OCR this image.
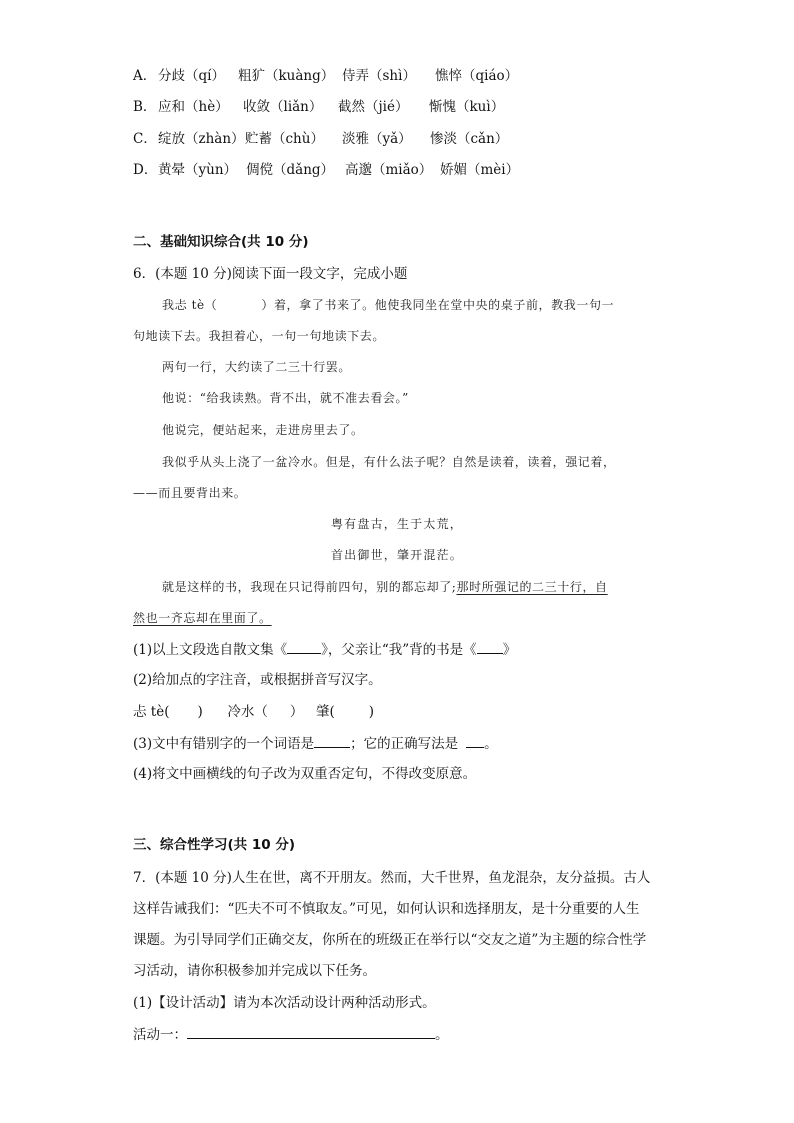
A． 分歧（qí） 粗犷（kuàng） 侍弄（shì） 憔悴（qiáo）
B． 应和（hè） 收敛（liǎn） 截然（jié） 惭愧（kuì）
C． 绽放（zhàn） 贮蓄（chù） 淡雅（yǎ） 惨淡（cǎn）
D． 黄晕（yùn） 倜傥（dǎng） 高邈（miǎo） 娇媚（mèi）
二、基础知识综合(共 10 分)
6．(本题 10 分)阅读下面一段文字，完成小题
我忐 tè（	）着，拿了书来了。他使我同坐在堂中央的桌子前，教我一句一
句地读下去。我担着心，一句一句地读下去。
两句一行，大约读了二三十行罢。
他说：“给我读熟。背不出，就不准去看会。”
他说完，便站起来，走进房里去了。
我似乎从头上浇了一盆冷水。但是，有什么法子呢？自然是读着，读着，强记着，
——而且要背出来。
粤有盘古，生于太荒，
首出御世，肇开混茫。
就是这样的书，我现在只记得前四句，别的都忘却了;那时所强记的二三十行，自
然也一齐忘却在里面了。
(1)以上文段选自散文集《	》，父亲让“我”背的书是《 》
(2)给加点的字注音，或根据拼音写汉字。
忐 tè( ) 冷水（ ） 肇(	)
(3)文中有错别字的一个词语是	；它的正确写法是 。
(4)将文中画横线的句子改为双重否定句，不得改变原意。
三、综合性学习(共 10 分)
7．(本题 10 分)人生在世，离不开朋友。然而，大千世界，鱼龙混杂，友分益损。古人
这样告诫我们：“匹夫不可不慎取友。”可见，如何认识和选择朋友，是十分重要的人生
课题。为引导同学们正确交友，你所在的班级正在举行以“交友之道”为主题的综合性学
习活动，请你积极参加并完成以下任务。
(1)【设计活动】请为本次活动设计两种活动形式。
活动一：	。
